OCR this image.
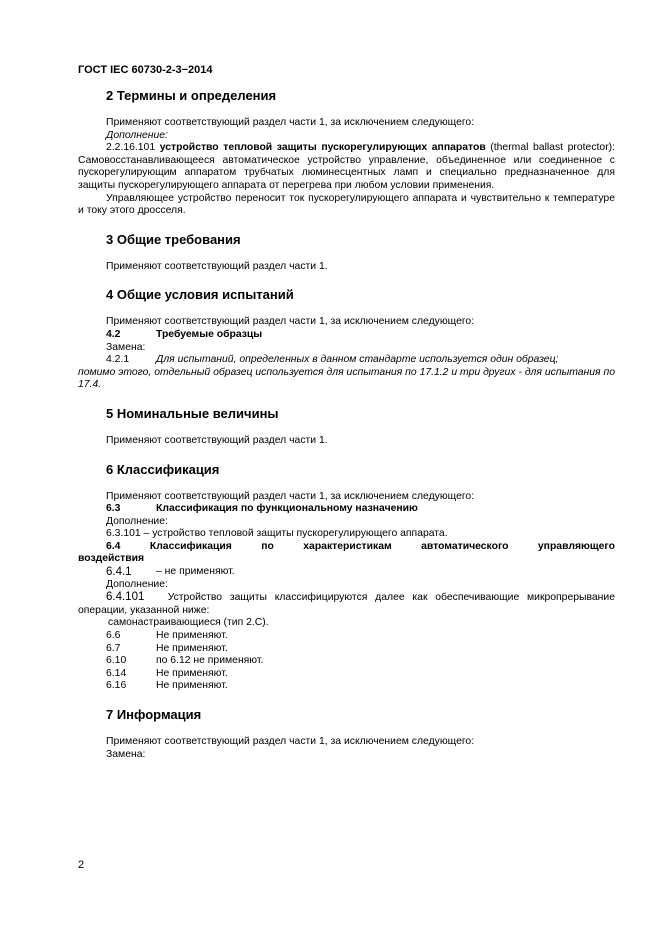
ГОСТ IEC 60730-2-3−2014
2 Термины и определения

Применяют соответствующий раздел части 1, за исключением следующего:

Дополнение:

2.2.16.101 устройство тепловой защиты пускорегулирующих аппаратов (thermal ballast protector): Самовосстанавливающееся автоматическое устройство управление, объединенное или соединенное с пускорегулирующим аппаратом трубчатых люминесцентных ламп и специально предназначенное для защиты пускорегулирующего аппарата от перегрева при любом условии применения.

Управляющее устройство переносит ток пускорегулирующего аппарата и чувствительно к температуре и току этого дросселя.

3 Общие требования

Применяют соответствующий раздел части 1.

4 Общие условия испытаний

Применяют соответствующий раздел части 1, за исключением следующего:

4.2	Требуемые образцы

Замена:

4.2.1	Для испытаний, определенных в данном стандарте используется один образец;

помимо этого, отдельный образец используется для испытания по 17.1.2 и три других - для испытания по 17.4.

5 Номинальные величины

Применяют соответствующий раздел части 1.

6 Классификация

Применяют соответствующий раздел части 1, за исключением следующего:

6.3	Классификация по функциональному назначению

Дополнение:

6.3.101 – устройство тепловой защиты пускорегулирующего аппарата.

6.4	Классификация	по	характеристикам	автоматического	управляющего

воздействия

6.4.1	– не применяют.

Дополнение:

6.4.101 Устройство защиты классифицируются далее как обеспечивающие микропрерывание операции, указанной ниже:

самонастраивающиеся (тип 2.С).

6.6	Не применяют.
6.7	Не применяют.
6.10	по 6.12 не применяют.
6.14	Не применяют.
6.16	Не применяют.
7 Информация

Применяют соответствующий раздел части 1, за исключением следующего:

Замена:

2
